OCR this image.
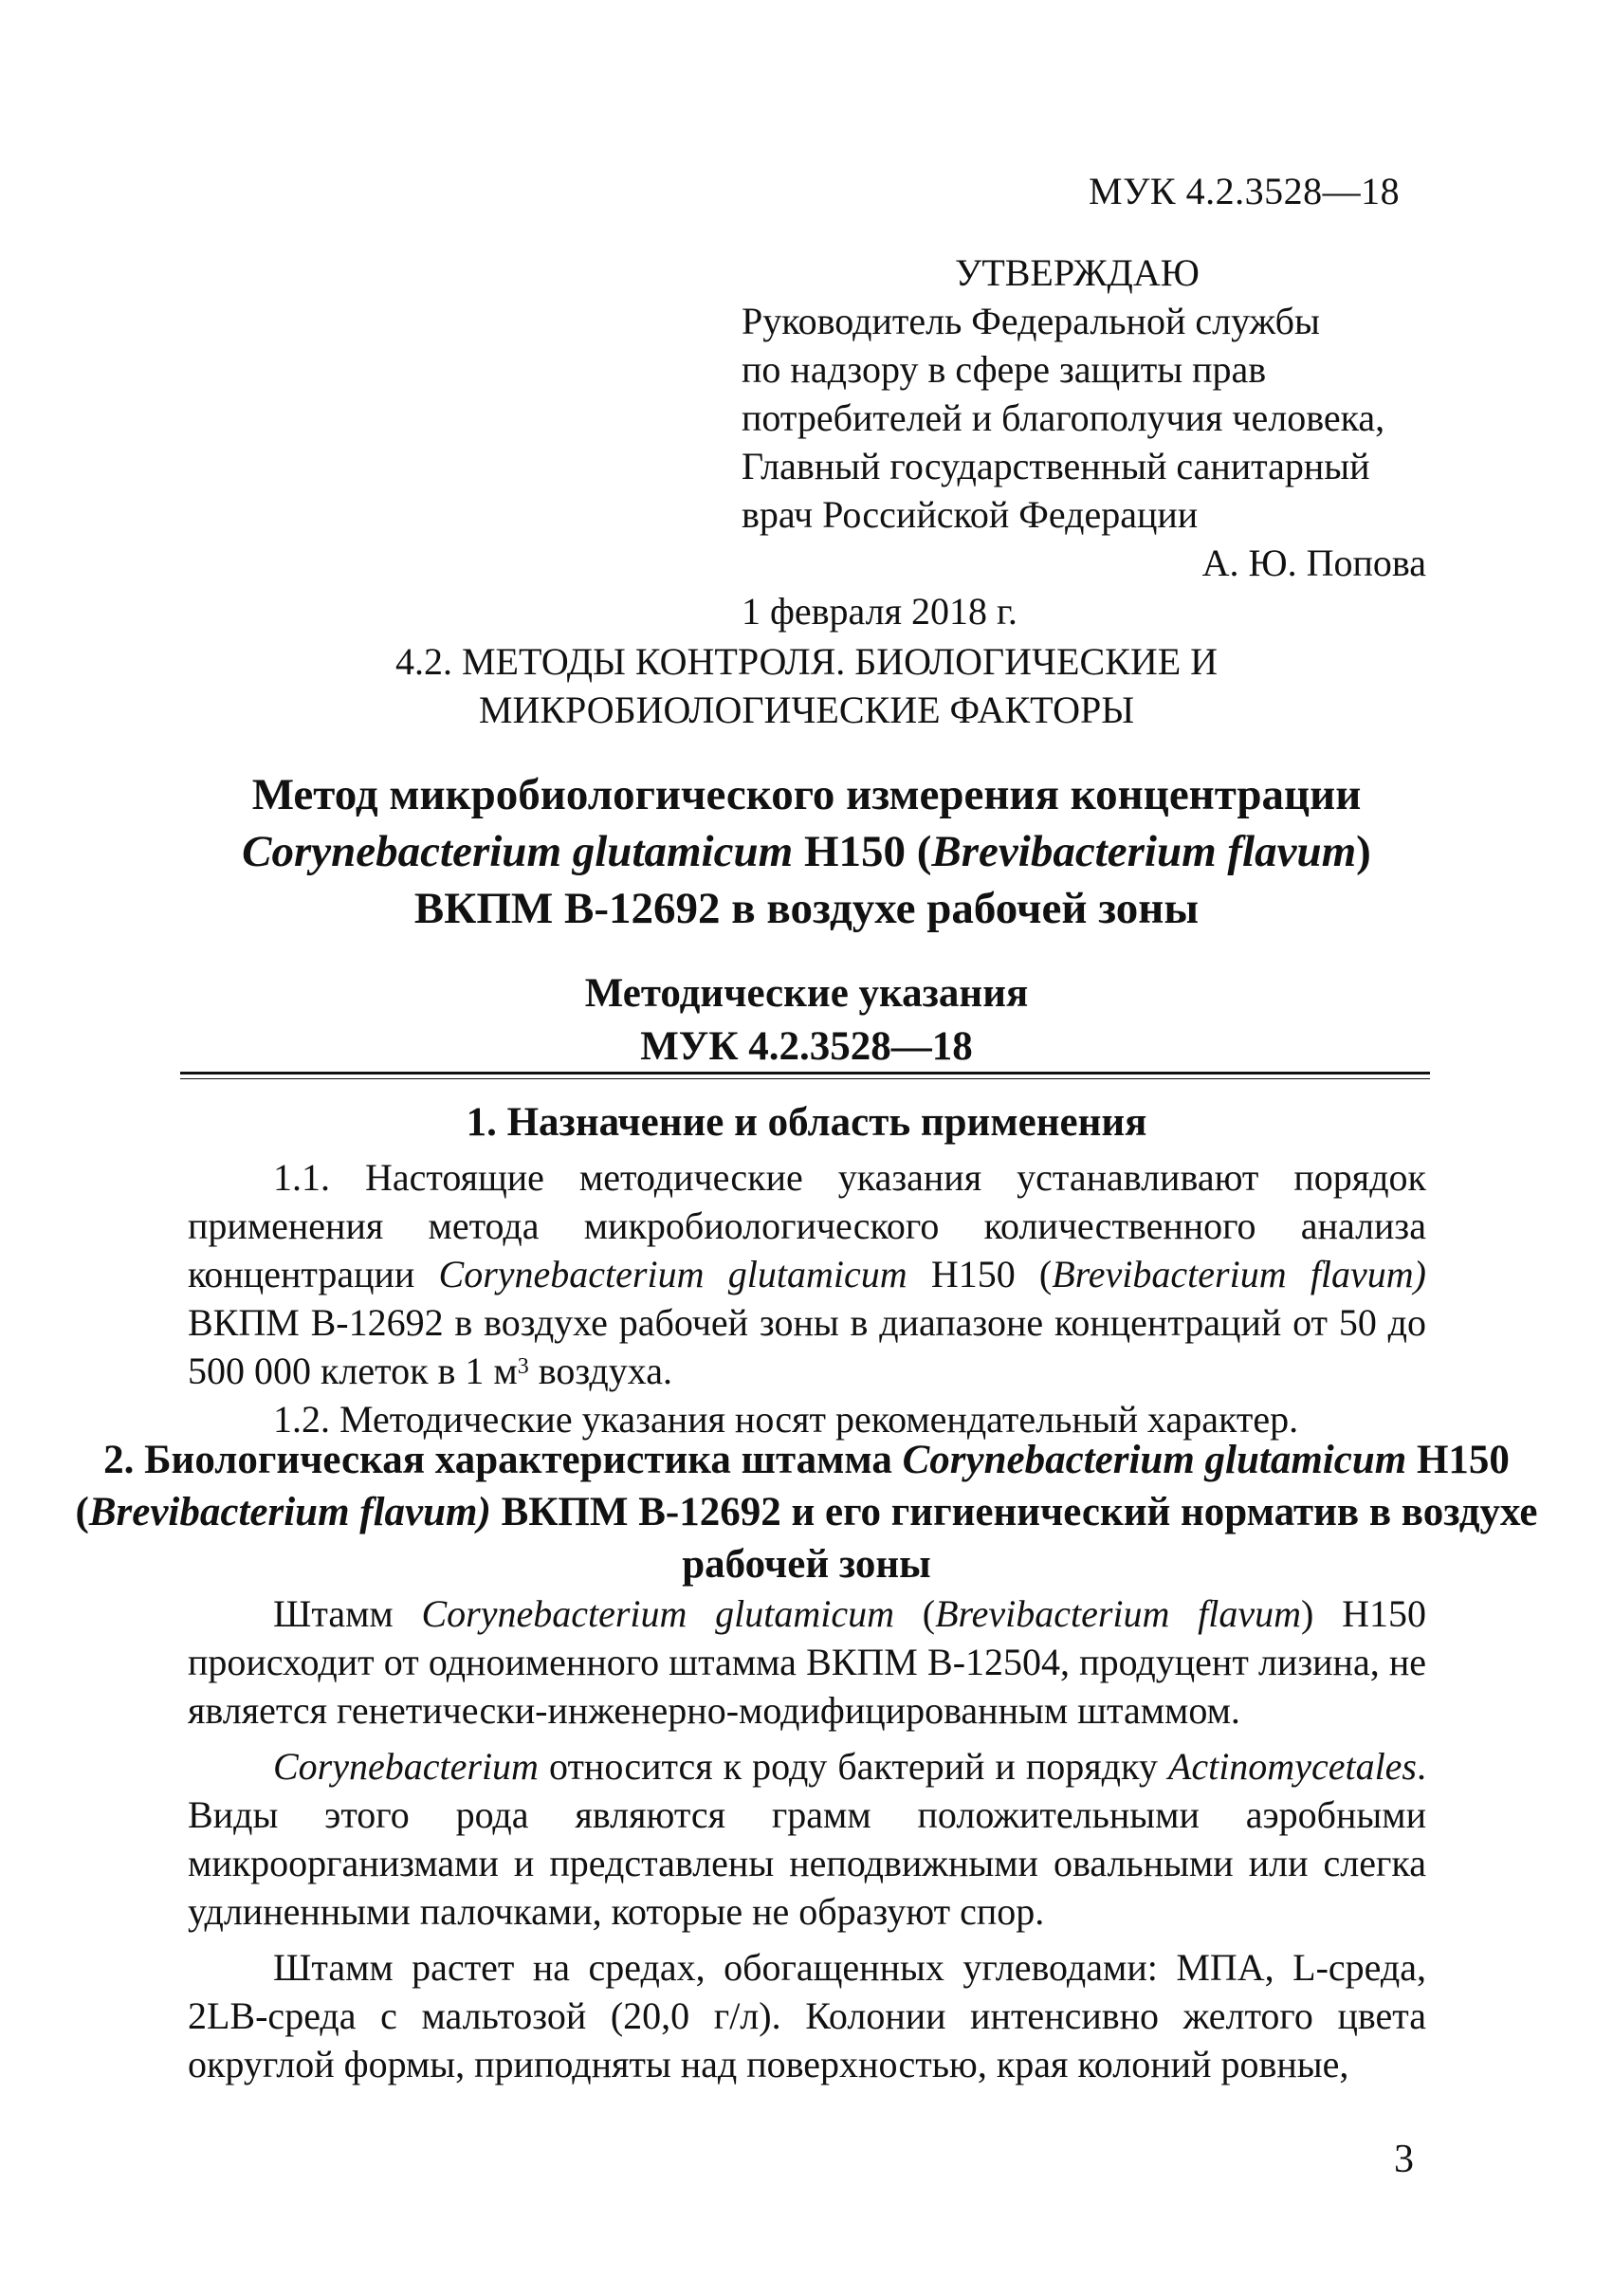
МУК 4.2.3528—18
УТВЕРЖДАЮ
Руководитель Федеральной службы
по надзору в сфере защиты прав
потребителей и благополучия человека,
Главный государственный санитарный
врач Российской Федерации
А. Ю. Попова
1 февраля 2018 г.
4.2. МЕТОДЫ КОНТРОЛЯ. БИОЛОГИЧЕСКИЕ И
МИКРОБИОЛОГИЧЕСКИЕ ФАКТОРЫ
Метод микробиологического измерения концентрации
Corynebacterium glutamicum Н150 (Brevibacterium flavum)
ВКПМ В-12692 в воздухе рабочей зоны
Методические указания
МУК 4.2.3528—18
1. Назначение и область применения

1.1. Настоящие методические указания устанавливают порядок применения метода микробиологического количественного анализа концентрации Corynebacterium glutamicum Н150 (Brevibacterium flavum) ВКПМ В-12692 в воздухе рабочей зоны в диапазоне концентраций от 50 до 500 000 клеток в 1 $м^3$ воздуха.

1.2. Методические указания носят рекомендательный характер.

2. Биологическая характеристика штамма Corynebacterium glutamicum Н150 (Brevibacterium flavum) ВКПМ В-12692 и его гигиенический норматив в воздухе рабочей зоны

Штамм Corynebacterium glutamicum (Brevibacterium flavum) Н150 происходит от одноименного штамма ВКПМ В-12504, продуцент лизина, не является генетически-инженерно-модифицированным штаммом.

Corynebacterium относится к роду бактерий и порядку Actinomycetales. Виды этого рода являются грамм положительными аэробными микроорганизмами и представлены неподвижными овальными или слегка удлиненными палочками, которые не образуют спор.

Штамм растет на средах, обогащенных углеводами: МПА, L-среда, 2LB-среда с мальтозой (20,0 г/л). Колонии интенсивно желтого цвета округлой формы, приподняты над поверхностью, края колоний ровные,

3
